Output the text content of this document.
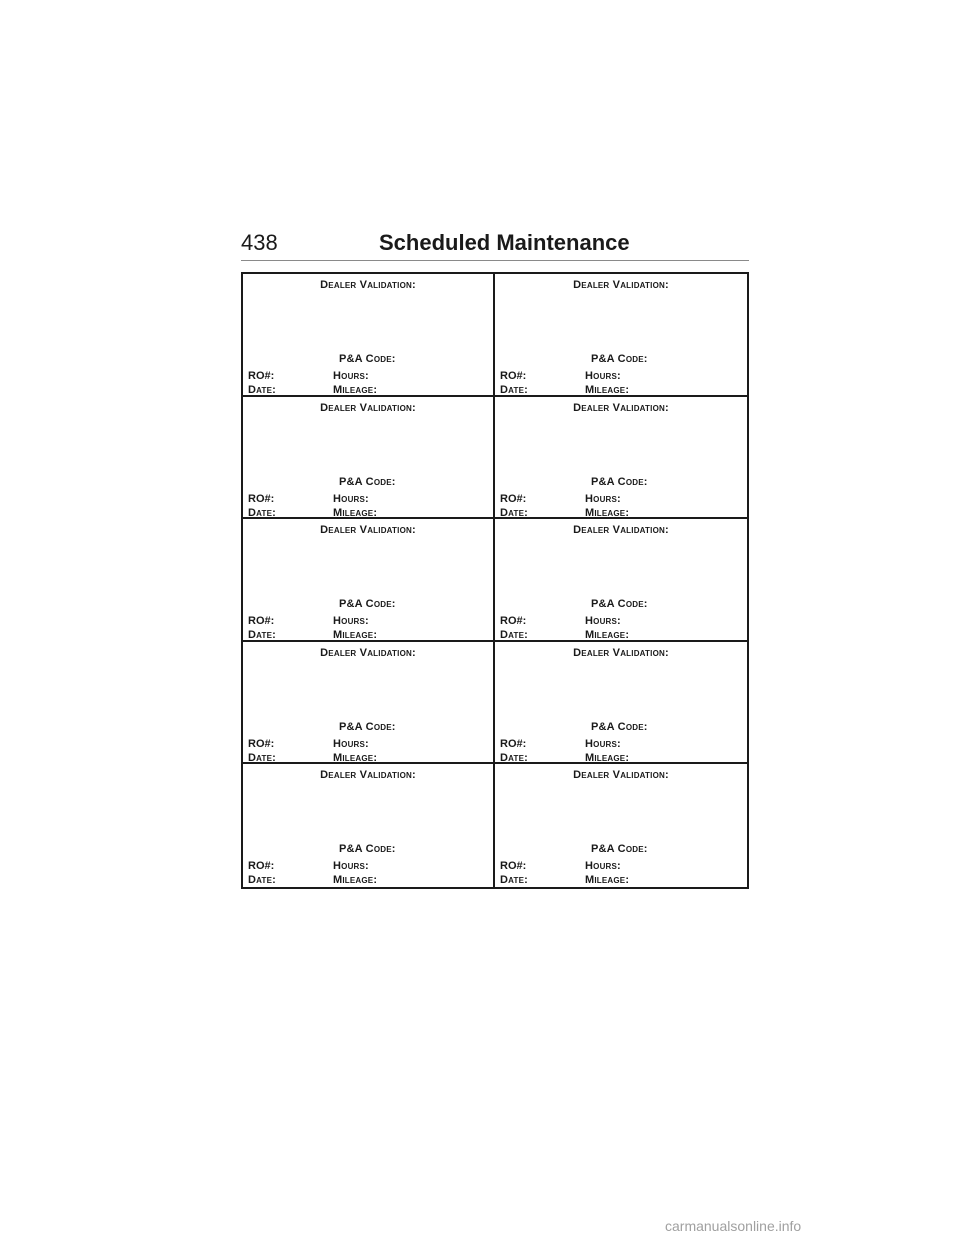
438	Scheduled Maintenance
Dealer Validation:
P&A Code:
RO#:	Hours:
Date:	Mileage:
Dealer Validation:
P&A Code:
RO#:	Hours:
Date:	Mileage:
Dealer Validation:
P&A Code:
RO#:	Hours:
Date:	Mileage:
Dealer Validation:
P&A Code:
RO#:	Hours:
Date:	Mileage:
Dealer Validation:
P&A Code:
RO#:	Hours:
Date:	Mileage:
Dealer Validation:
P&A Code:
RO#:	Hours:
Date:	Mileage:
Dealer Validation:
P&A Code:
RO#:	Hours:
Date:	Mileage:
Dealer Validation:
P&A Code:
RO#:	Hours:
Date:	Mileage:
Dealer Validation:
P&A Code:
RO#:	Hours:
Date:	Mileage:
Dealer Validation:
P&A Code:
RO#:	Hours:
Date:	Mileage:
carmanualsonline.info
